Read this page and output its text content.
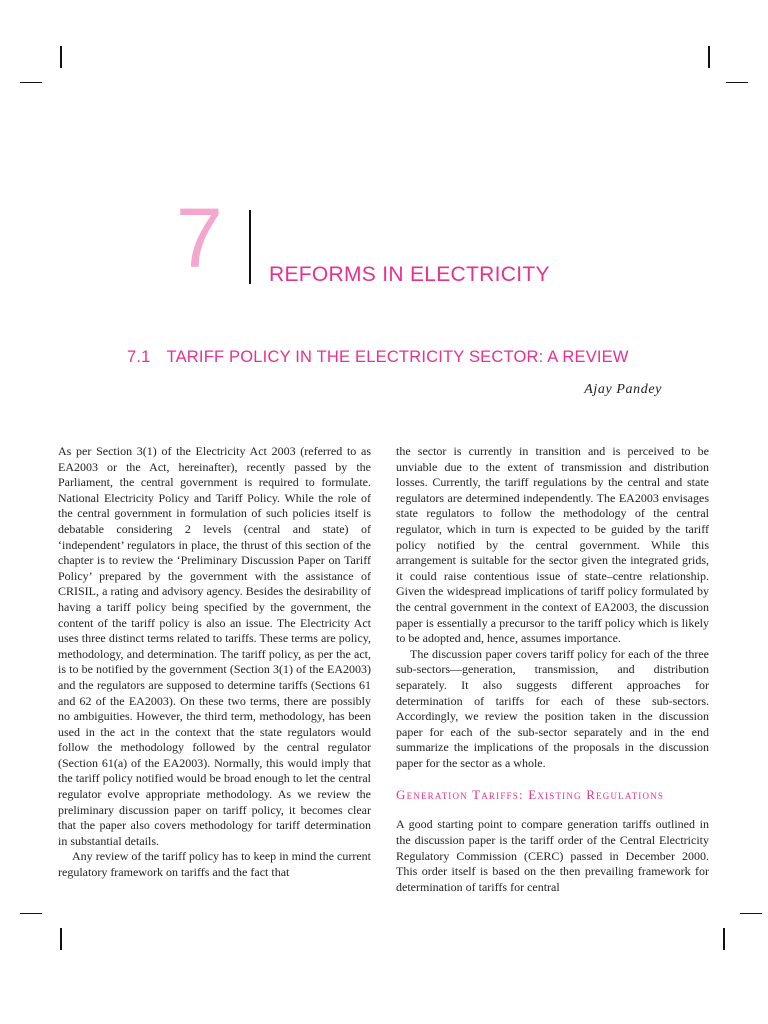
7 REFORMS IN ELECTRICITY
7.1 TARIFF POLICY IN THE ELECTRICITY SECTOR: A REVIEW
Ajay Pandey

As per Section 3(1) of the Electricity Act 2003 (referred to as EA2003 or the Act, hereinafter), recently passed by the Parliament, the central government is required to formulate. National Electricity Policy and Tariff Policy. While the role of the central government in formulation of such policies itself is debatable considering 2 levels (central and state) of ‘independent’ regulators in place, the thrust of this section of the chapter is to review the ‘Preliminary Discussion Paper on Tariff Policy’ prepared by the government with the assistance of CRISIL, a rating and advisory agency. Besides the desirability of having a tariff policy being specified by the government, the content of the tariff policy is also an issue. The Electricity Act uses three distinct terms related to tariffs. These terms are policy, methodology, and determination. The tariff policy, as per the act, is to be notified by the government (Section 3(1) of the EA2003) and the regulators are supposed to determine tariffs (Sections 61 and 62 of the EA2003). On these two terms, there are possibly no ambiguities. However, the third term, methodology, has been used in the act in the context that the state regulators would follow the methodology followed by the central regulator (Section 61(a) of the EA2003). Normally, this would imply that the tariff policy notified would be broad enough to let the central regulator evolve appropriate methodology. As we review the preliminary discussion paper on tariff policy, it becomes clear that the paper also covers methodology for tariff determination in substantial details.

Any review of the tariff policy has to keep in mind the current regulatory framework on tariffs and the fact that

the sector is currently in transition and is perceived to be unviable due to the extent of transmission and distribution losses. Currently, the tariff regulations by the central and state regulators are determined independently. The EA2003 envisages state regulators to follow the methodology of the central regulator, which in turn is expected to be guided by the tariff policy notified by the central government. While this arrangement is suitable for the sector given the integrated grids, it could raise contentious issue of state–centre relationship. Given the widespread implications of tariff policy formulated by the central government in the context of EA2003, the discussion paper is essentially a precursor to the tariff policy which is likely to be adopted and, hence, assumes importance.

The discussion paper covers tariff policy for each of the three sub-sectors—generation, transmission, and distribution separately. It also suggests different approaches for determination of tariffs for each of these sub-sectors. Accordingly, we review the position taken in the discussion paper for each of the sub-sector separately and in the end summarize the implications of the proposals in the discussion paper for the sector as a whole.

Generation Tariffs: Existing Regulations

A good starting point to compare generation tariffs outlined in the discussion paper is the tariff order of the Central Electricity Regulatory Commission (CERC) passed in December 2000. This order itself is based on the then prevailing framework for determination of tariffs for central
